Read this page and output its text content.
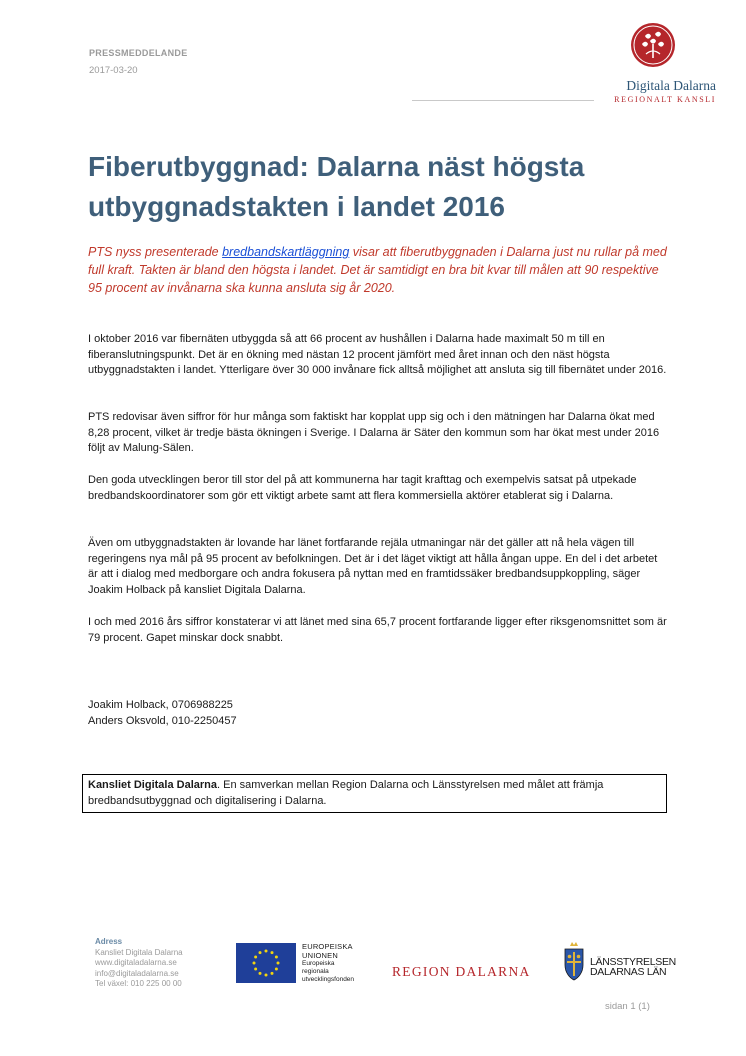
PRESSMEDDELANDE
2017-03-20
Digitala Dalarna
REGIONALT KANSLI
Fiberutbyggnad: Dalarna näst högsta utbyggnadstakten i landet 2016

PTS nyss presenterade bredbandskartläggning visar att fiberutbyggnaden i Dalarna just nu rullar på med full kraft. Takten är bland den högsta i landet. Det är samtidigt en bra bit kvar till målen att 90 respektive 95 procent av invånarna ska kunna ansluta sig år 2020.

I oktober 2016 var fibernäten utbyggda så att 66 procent av hushållen i Dalarna hade maximalt 50 m till en fiberanslutningspunkt. Det är en ökning med nästan 12 procent jämfört med året innan och den näst högsta utbyggnadstakten i landet. Ytterligare över 30 000 invånare fick alltså möjlighet att ansluta sig till fibernätet under 2016.

PTS redovisar även siffror för hur många som faktiskt har kopplat upp sig och i den mätningen har Dalarna ökat med 8,28 procent, vilket är tredje bästa ökningen i Sverige. I Dalarna är Säter den kommun som har ökat mest under 2016 följt av Malung-Sälen.

Den goda utvecklingen beror till stor del på att kommunerna har tagit krafttag och exempelvis satsat på utpekade bredbandskoordinatorer som gör ett viktigt arbete samt att flera kommersiella aktörer etablerat sig i Dalarna.

Även om utbyggnadstakten är lovande har länet fortfarande rejäla utmaningar när det gäller att nå hela vägen till regeringens nya mål på 95 procent av befolkningen. Det är i det läget viktigt att hålla ångan uppe. En del i det arbetet är att i dialog med medborgare och andra fokusera på nyttan med en framtidssäker bredbandsuppkoppling, säger Joakim Holback på kansliet Digitala Dalarna.

I och med 2016 års siffror konstaterar vi att länet med sina 65,7 procent fortfarande ligger efter riksgenomsnittet som är 79 procent. Gapet minskar dock snabbt.

Joakim Holback, 0706988225
Anders Oksvold, 010-2250457
Kansliet Digitala Dalarna. En samverkan mellan Region Dalarna och Länsstyrelsen med målet att främja bredbandsutbyggnad och digitalisering i Dalarna.
Adress
Kansliet Digitala Dalarna
www.digitaladalarna.se
info@digitaladalarna.se
Tel växel: 010 225 00 00
EUROPEISKA
UNIONEN
Europeiska
regionala
utvecklingsfonden
REGION DALARNA
LÄNSSTYRELSEN
DALARNAS LÄN
sidan 1 (1)
